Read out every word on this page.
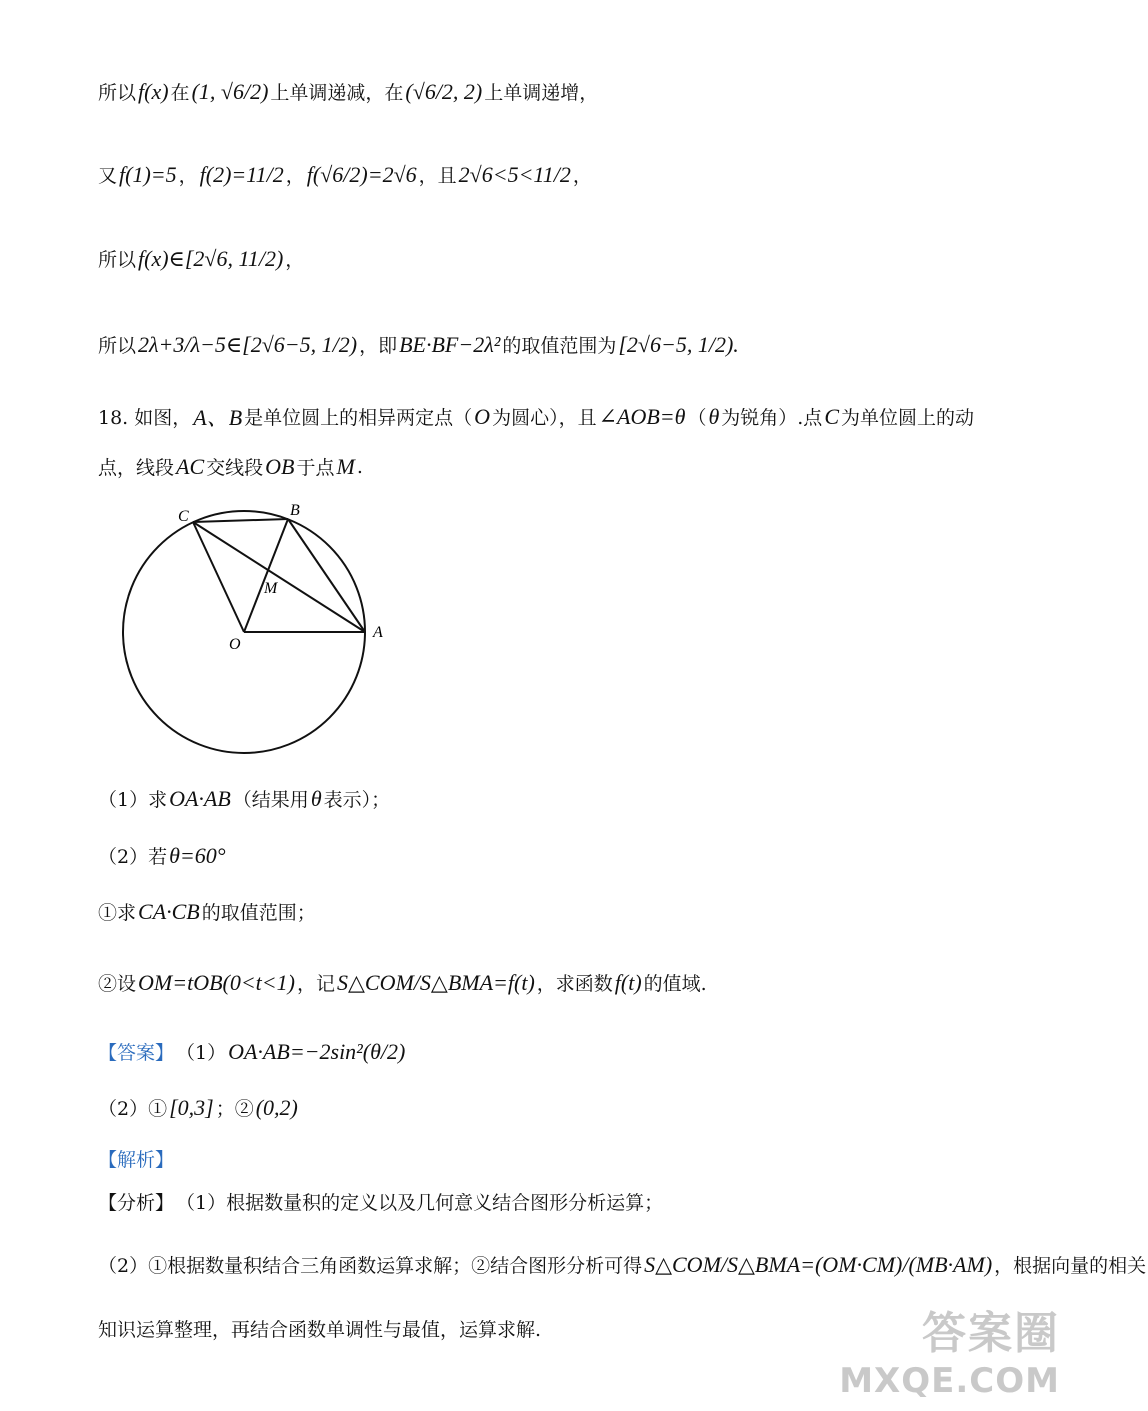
所以 f(x) 在 (1, √6/2) 上单调递减，在 (√6/2, 2) 上单调递增，
又 f(1)=5 ， f(2)=11/2 ， f(√6/2)=2√6 ，且 2√6<5<11/2 ，
所以 f(x)∈[2√6, 11/2) ，
所以 2λ+3/λ−5∈[2√6−5, 1/2) ，即 BE·BF−2λ² 的取值范围为 [2√6−5, 1/2).
18. 如图， A、B 是单位圆上的相异两定点（ O 为圆心），且 ∠AOB=θ （ θ 为锐角）.点 C 为单位圆上的动
点，线段 AC 交线段 OB 于点 M .
（1）求 OA·AB （结果用 θ 表示）；
（2）若 θ=60°
①求 CA·CB 的取值范围；
②设 OM=tOB(0<t<1) ，记 S△COM/S△BMA=f(t) ，求函数 f(t) 的值域.
【答案】 （1） OA·AB=−2sin²(θ/2)
（2）① [0,3] ；② (0,2)
【解析】
【分析】 （1）根据数量积的定义以及几何意义结合图形分析运算；
（2）①根据数量积结合三角函数运算求解；②结合图形分析可得 S△COM/S△BMA=(OM·CM)/(MB·AM) ，根据向量的相关
知识运算整理，再结合函数单调性与最值，运算求解.
C	B
M
O
A
答案圈
MXQE.COM
